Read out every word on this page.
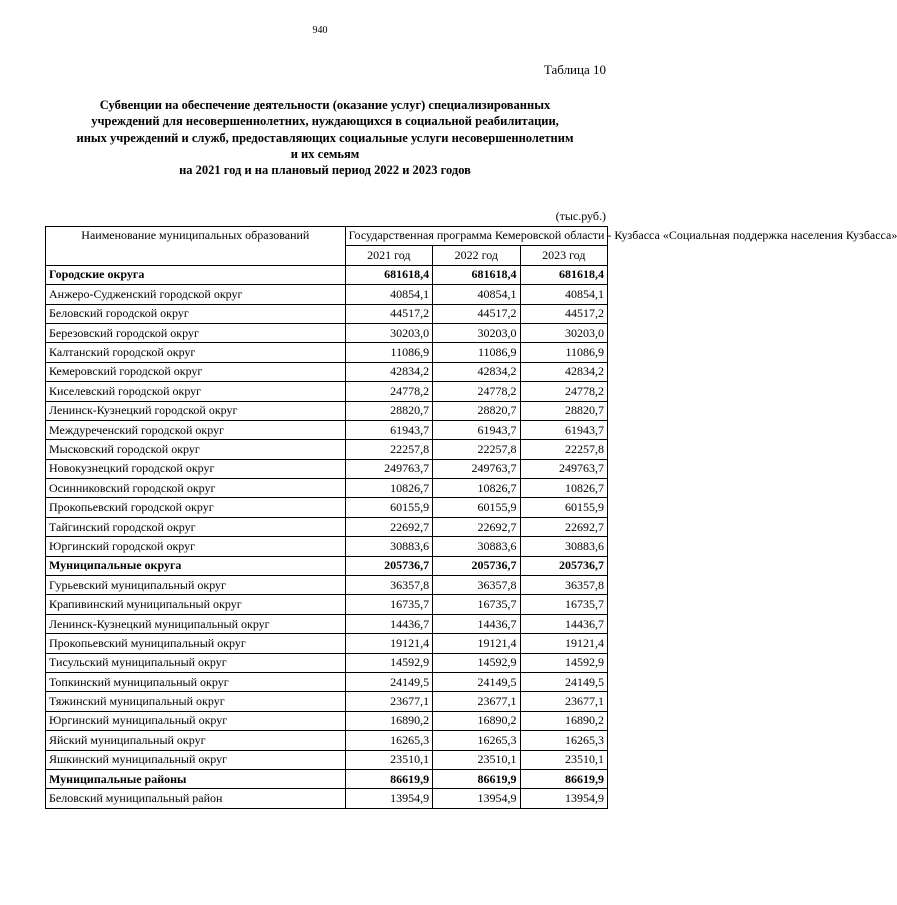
940
Таблица 10
Субвенции на обеспечение деятельности (оказание услуг) специализированных
учреждений для несовершеннолетних, нуждающихся в социальной реабилитации,
иных учреждений и служб, предоставляющих социальные услуги несовершеннолетним
и их семьям
на 2021 год и на плановый период 2022 и 2023 годов
(тыс.руб.)
Наименование муниципальных образований	Государственная программа Кемеровской области - Кузбасса «Социальная поддержка населения Кузбасса»		
	2021 год	2022 год	2023 год
Городские округа	681618,4	681618,4	681618,4
Анжеро-Судженский городской округ	40854,1	40854,1	40854,1
Беловский городской округ	44517,2	44517,2	44517,2
Березовский городской округ	30203,0	30203,0	30203,0
Калтанский городской округ	11086,9	11086,9	11086,9
Кемеровский городской округ	42834,2	42834,2	42834,2
Киселевский городской округ	24778,2	24778,2	24778,2
Ленинск-Кузнецкий городской округ	28820,7	28820,7	28820,7
Междуреченский городской округ	61943,7	61943,7	61943,7
Мысковский городской округ	22257,8	22257,8	22257,8
Новокузнецкий городской округ	249763,7	249763,7	249763,7
Осинниковский городской округ	10826,7	10826,7	10826,7
Прокопьевский городской округ	60155,9	60155,9	60155,9
Тайгинский городской округ	22692,7	22692,7	22692,7
Юргинский городской округ	30883,6	30883,6	30883,6
Муниципальные округа	205736,7	205736,7	205736,7
Гурьевский муниципальный округ	36357,8	36357,8	36357,8
Крапивинский муниципальный округ	16735,7	16735,7	16735,7
Ленинск-Кузнецкий муниципальный округ	14436,7	14436,7	14436,7
Прокопьевский муниципальный округ	19121,4	19121,4	19121,4
Тисульский муниципальный округ	14592,9	14592,9	14592,9
Топкинский муниципальный округ	24149,5	24149,5	24149,5
Тяжинский муниципальный округ	23677,1	23677,1	23677,1
Юргинский муниципальный округ	16890,2	16890,2	16890,2
Яйский муниципальный округ	16265,3	16265,3	16265,3
Яшкинский муниципальный округ	23510,1	23510,1	23510,1
Муниципальные районы	86619,9	86619,9	86619,9
Беловский муниципальный район	13954,9	13954,9	13954,9
